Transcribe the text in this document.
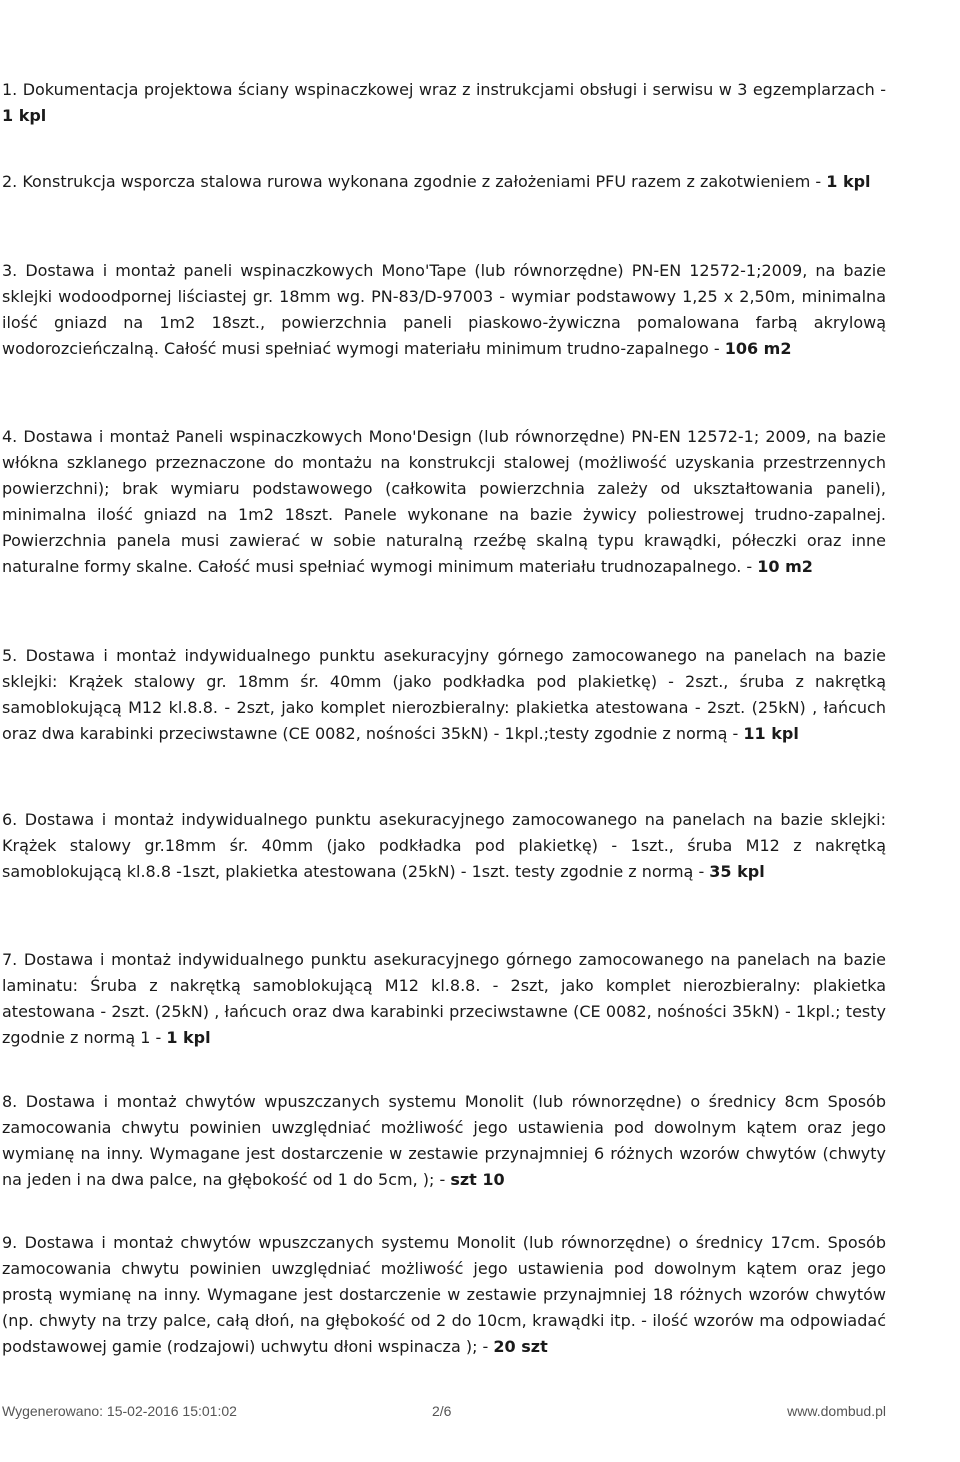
1. Dokumentacja projektowa ściany wspinaczkowej wraz z instrukcjami obsługi i serwisu w 3 egzemplarzach - 1 kpl
2. Konstrukcja wsporcza stalowa rurowa wykonana zgodnie z założeniami PFU razem z zakotwieniem - 1 kpl
3. Dostawa i montaż paneli wspinaczkowych Mono'Tape (lub równorzędne) PN-EN 12572-1;2009, na bazie sklejki wodoodpornej liściastej gr. 18mm wg. PN-83/D-97003 - wymiar podstawowy 1,25 x 2,50m, minimalna ilość gniazd na 1m2 18szt., powierzchnia paneli piaskowo-żywiczna pomalowana farbą akrylową wodorozcieńczalną. Całość musi spełniać wymogi materiału minimum trudno-zapalnego - 106 m2
4. Dostawa i montaż Paneli wspinaczkowych Mono'Design (lub równorzędne) PN-EN 12572-1; 2009, na bazie włókna szklanego przeznaczone do montażu na konstrukcji stalowej (możliwość uzyskania przestrzennych powierzchni); brak wymiaru podstawowego (całkowita powierzchnia zależy od ukształtowania paneli), minimalna ilość gniazd na 1m2 18szt. Panele wykonane na bazie żywicy poliestrowej trudno-zapalnej. Powierzchnia panela musi zawierać w sobie naturalną rzeźbę skalną typu krawądki, półeczki oraz inne naturalne formy skalne. Całość musi spełniać wymogi minimum materiału trudnozapalnego. - 10 m2
5. Dostawa i montaż indywidualnego punktu asekuracyjny górnego zamocowanego na panelach na bazie sklejki: Krążek stalowy gr. 18mm śr. 40mm (jako podkładka pod plakietkę) - 2szt., śruba z nakrętką samoblokującą M12 kl.8.8. - 2szt, jako komplet nierozbieralny: plakietka atestowana - 2szt. (25kN) , łańcuch oraz dwa karabinki przeciwstawne (CE 0082, nośności 35kN) - 1kpl.;testy zgodnie z normą - 11 kpl
6. Dostawa i montaż indywidualnego punktu asekuracyjnego zamocowanego na panelach na bazie sklejki: Krążek stalowy gr.18mm śr. 40mm (jako podkładka pod plakietkę) - 1szt., śruba M12 z nakrętką samoblokującą kl.8.8 -1szt, plakietka atestowana (25kN) - 1szt. testy zgodnie z normą - 35 kpl
7. Dostawa i montaż indywidualnego punktu asekuracyjnego górnego zamocowanego na panelach na bazie laminatu: Śruba z nakrętką samoblokującą M12 kl.8.8. - 2szt, jako komplet nierozbieralny: plakietka atestowana - 2szt. (25kN) , łańcuch oraz dwa karabinki przeciwstawne (CE 0082, nośności 35kN) - 1kpl.; testy zgodnie z normą 1 - 1 kpl
8. Dostawa i montaż chwytów wpuszczanych systemu Monolit (lub równorzędne) o średnicy 8cm Sposób zamocowania chwytu powinien uwzględniać możliwość jego ustawienia pod dowolnym kątem oraz jego wymianę na inny. Wymagane jest dostarczenie w zestawie przynajmniej 6 różnych wzorów chwytów (chwyty na jeden i na dwa palce, na głębokość od 1 do 5cm, ); - szt 10
9. Dostawa i montaż chwytów wpuszczanych systemu Monolit (lub równorzędne) o średnicy 17cm. Sposób zamocowania chwytu powinien uwzględniać możliwość jego ustawienia pod dowolnym kątem oraz jego prostą wymianę na inny. Wymagane jest dostarczenie w zestawie przynajmniej 18 różnych wzorów chwytów (np. chwyty na trzy palce, całą dłoń, na głębokość od 2 do 10cm, krawądki itp. - ilość wzorów ma odpowiadać podstawowej gamie (rodzajowi) uchwytu dłoni wspinacza ); - 20 szt
Wygenerowano: 15-02-2016 15:01:02	2/6	www.dombud.pl
